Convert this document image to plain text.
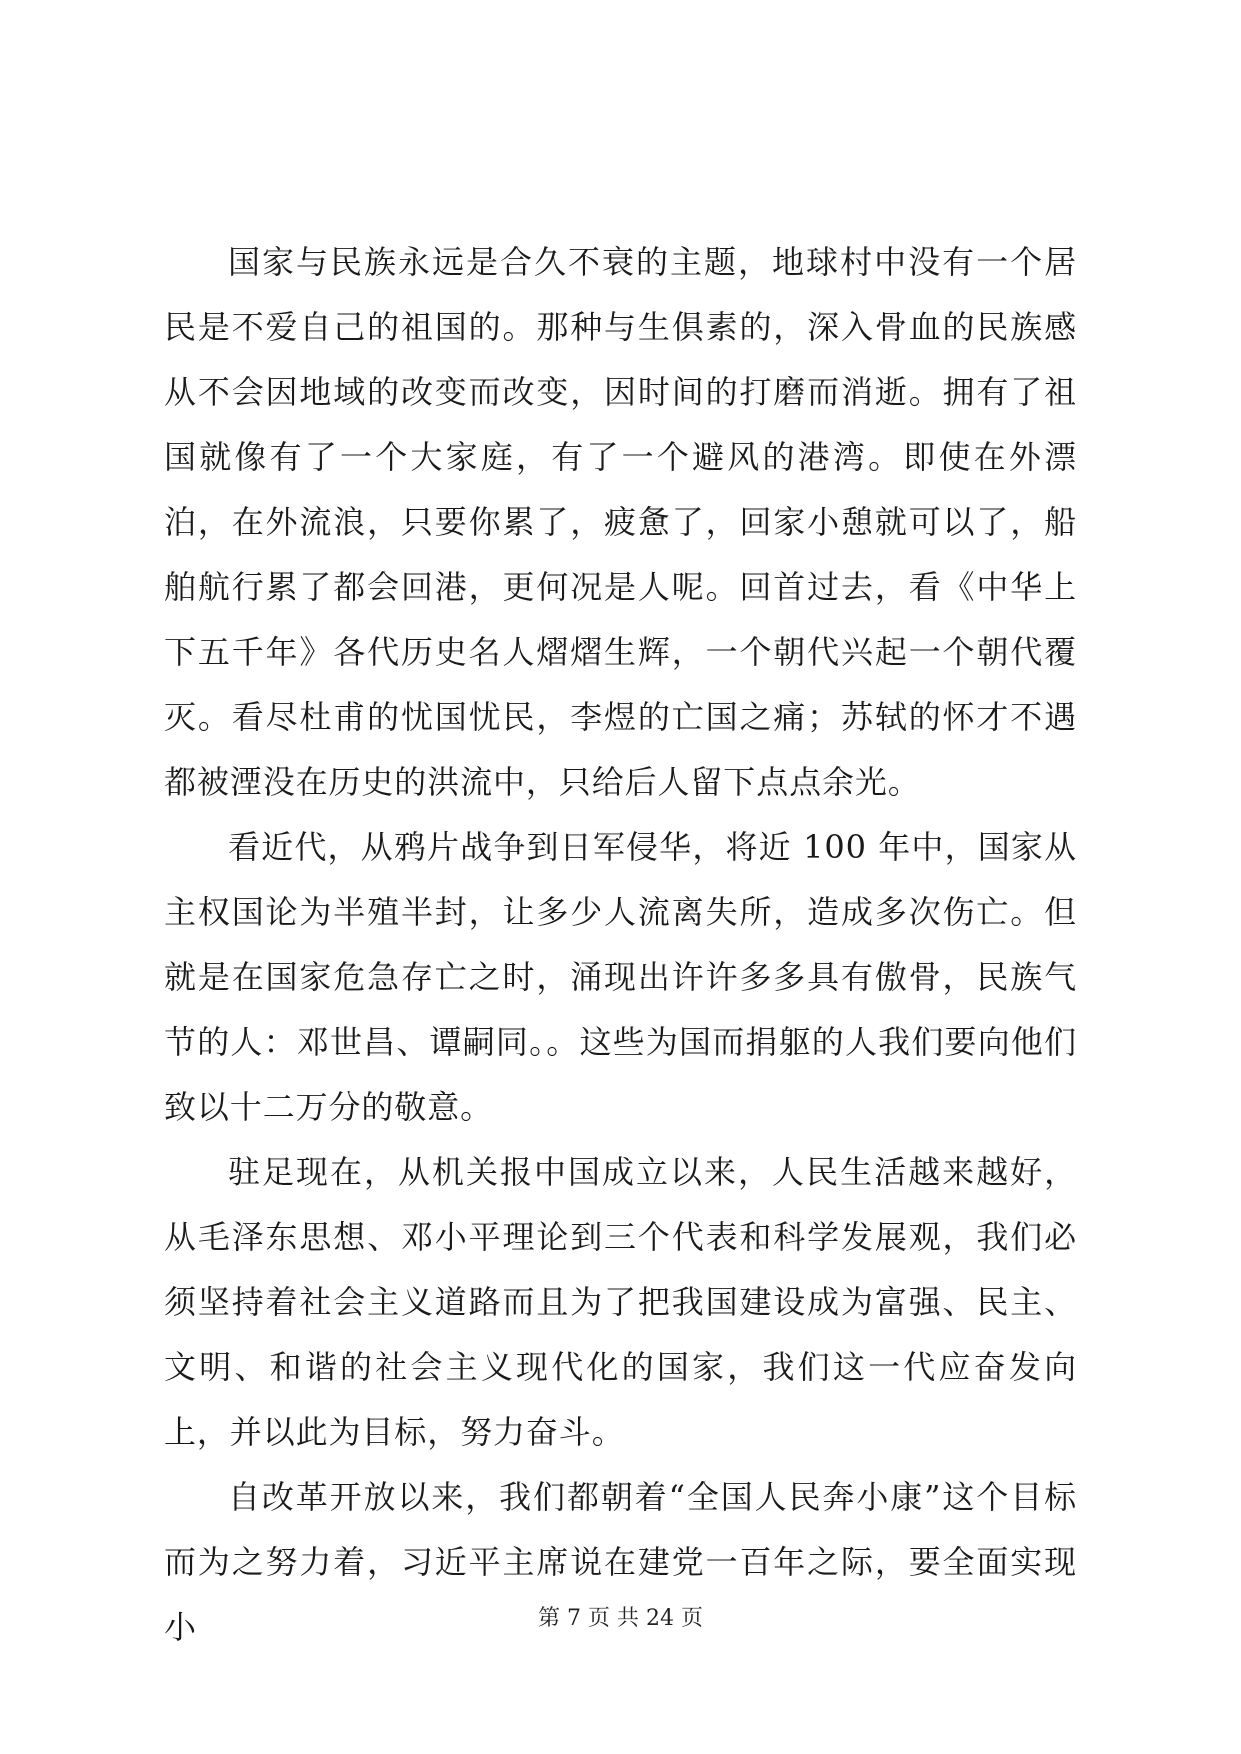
国家与民族永远是合久不衰的主题，地球村中没有一个居民是不爱自己的祖国的。那种与生俱素的，深入骨血的民族感从不会因地域的改变而改变，因时间的打磨而消逝。拥有了祖国就像有了一个大家庭，有了一个避风的港湾。即使在外漂泊，在外流浪，只要你累了，疲惫了，回家小憩就可以了，船舶航行累了都会回港，更何况是人呢。回首过去，看《中华上下五千年》各代历史名人熠熠生辉，一个朝代兴起一个朝代覆灭。看尽杜甫的忧国忧民，李煜的亡国之痛；苏轼的怀才不遇都被湮没在历史的洪流中，只给后人留下点点余光。

看近代，从鸦片战争到日军侵华，将近 100 年中，国家从主权国论为半殖半封，让多少人流离失所，造成多次伤亡。但就是在国家危急存亡之时，涌现出许许多多具有傲骨，民族气节的人：邓世昌、谭嗣同。。这些为国而捐躯的人我们要向他们致以十二万分的敬意。

驻足现在，从机关报中国成立以来，人民生活越来越好，从毛泽东思想、邓小平理论到三个代表和科学发展观，我们必须坚持着社会主义道路而且为了把我国建设成为富强、民主、文明、和谐的社会主义现代化的国家，我们这一代应奋发向上，并以此为目标，努力奋斗。

自改革开放以来，我们都朝着“全国人民奔小康”这个目标而为之努力着，习近平主席说在建党一百年之际，要全面实现小	第 7 页 共 24 页
